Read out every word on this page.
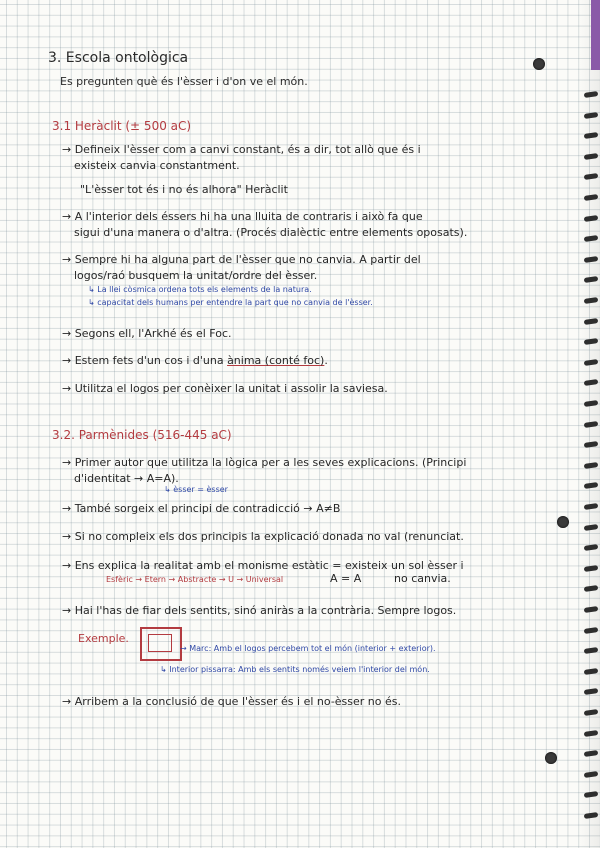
3. Escola ontològica
Es pregunten què és l'èsser i d'on ve el món.
3.1 Heràclit (± 500 aC)
→ Defineix l'èsser com a canvi constant, és a dir, tot allò que és i
existeix canvia constantment.
"L'èsser tot és i no és alhora" Heràclit
→ A l'interior dels éssers hi ha una lluita de contraris i això fa que
sigui d'una manera o d'altra. (Procés dialèctic entre elements oposats).
→ Sempre hi ha alguna part de l'èsser que no canvia. A partir del
logos/raó busquem la unitat/ordre del èsser.
↳ La llei còsmica ordena tots els elements de la natura.
↳ capacitat dels humans per entendre la part que no canvia de l'èsser.
→ Segons ell, l'Arkhé és el Foc.
→ Estem fets d'un cos i d'una ànima (conté foc).
→ Utilitza el logos per conèixer la unitat i assolir la saviesa.
3.2. Parmènides (516-445 aC)
→ Primer autor que utilitza la lògica per a les seves explicacions. (Principi
d'identitat → A=A).
↳ èsser = èsser
→ També sorgeix el principi de contradicció → A≠B
→ Si no compleix els dos principis la explicació donada no val (renunciat.
→ Ens explica la realitat amb el monisme estàtic = existeix un sol èsser i
Esfèric → Etern → Abstracte → U → Universal	A = A	no canvia.
→ Hai l'has de fiar dels sentits, sinó aniràs a la contrària. Sempre logos.
Exemple.
→ Marc: Amb el logos percebem tot el món (interior + exterior).
↳ Interior pissarra: Amb els sentits només veiem l'interior del món.
→ Arribem a la conclusió de que l'èsser és i el no-èsser no és.
